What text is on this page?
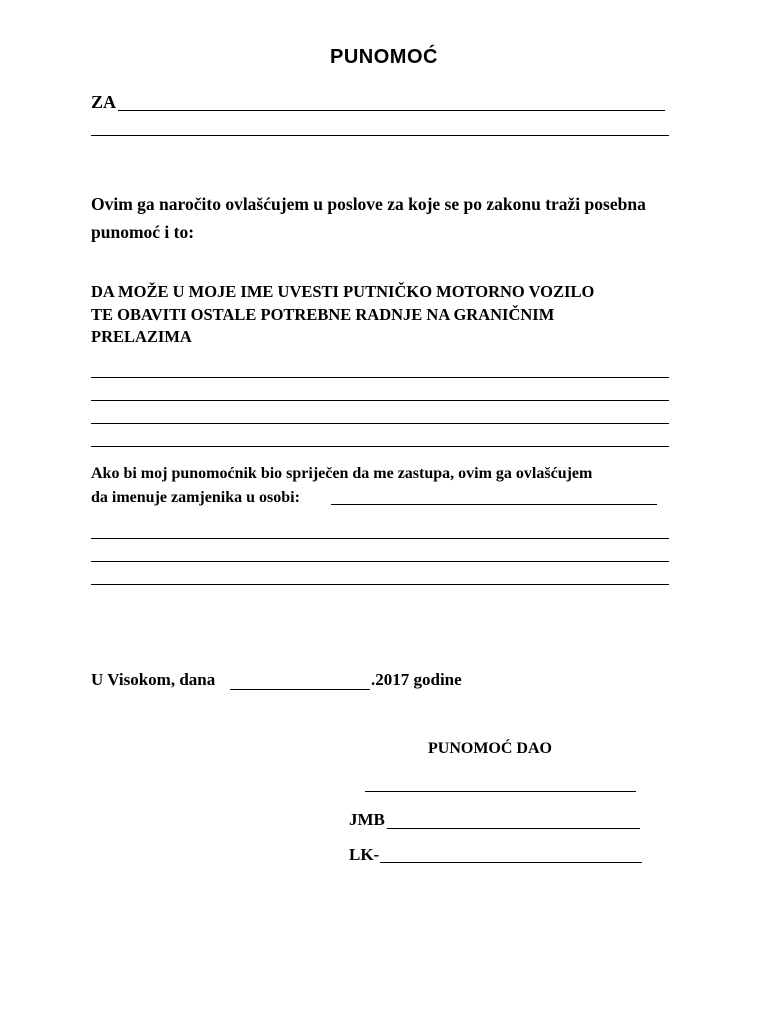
PUNOMOĆ
ZA
Ovim ga naročito ovlašćujem u poslove za koje se po zakonu traži posebna punomoć i to:
DA MOŽE U MOJE IME UVESTI PUTNIČKO MOTORNO VOZILO
TE OBAVITI OSTALE POTREBNE RADNJE NA GRANIČNIM
PRELAZIMA
Ako bi moj punomoćnik bio spriječen da me zastupa, ovim ga ovlašćujem
da imenuje zamjenika u osobi:
U Visokom, dana	.2017 godine
PUNOMOĆ DAO
JMB
LK-
